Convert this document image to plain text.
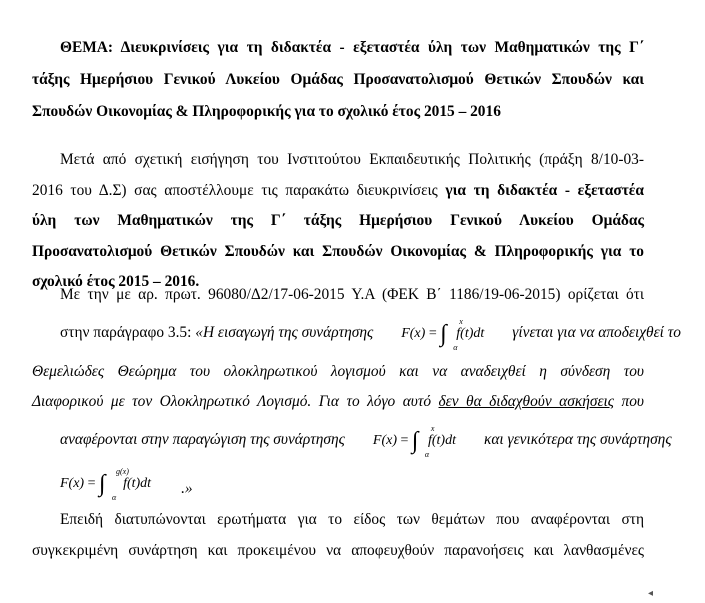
ΘΕΜΑ: Διευκρινίσεις για τη διδακτέα - εξεταστέα ύλη των Μαθηματικών της Γ΄
τάξης Ημερήσιου Γενικού Λυκείου Ομάδας Προσανατολισμού Θετικών Σπουδών και
Σπουδών Οικονομίας & Πληροφορικής για το σχολικό έτος 2015 – 2016
Μετά από σχετική εισήγηση του Ινστιτούτου Εκπαιδευτικής Πολιτικής (πράξη 8/10-03-
2016 του Δ.Σ) σας αποστέλλουμε τις παρακάτω διευκρινίσεις για τη διδακτέα - εξεταστέα
ύλη των Μαθηματικών της Γ΄ τάξης Ημερήσιου Γενικού Λυκείου Ομάδας
Προσανατολισμού Θετικών Σπουδών και Σπουδών Οικονομίας & Πληροφορικής για το
σχολικό έτος 2015 – 2016.
Με την με αρ. πρωτ. 96080/Δ2/17-06-2015 Υ.Α (ΦΕΚ Β΄ 1186/19-06-2015) ορίζεται ότι
στην παράγραφο 3.5: «Η εισαγωγή της συνάρτησης	F(x) = ∫	x
α
f(t)dt	γίνεται για να αποδειχθεί το
Θεμελιώδες Θεώρημα του ολοκληρωτικού λογισμού και να αναδειχθεί η σύνδεση του
Διαφορικού με τον Ολοκληρωτικό Λογισμό. Για το λόγο αυτό δεν θα διδαχθούν ασκήσεις που
αναφέρονται στην παραγώγιση της συνάρτησης	F(x) = ∫	x
α
f(t)dt	και γενικότερα της συνάρτησης
F(x) = ∫	g(x)
α
f(t)dt	.»
Επειδή διατυπώνονται ερωτήματα για το είδος των θεμάτων που αναφέρονται στη
συγκεκριμένη συνάρτηση και προκειμένου να αποφευχθούν παρανοήσεις και λανθασμένες
◂
